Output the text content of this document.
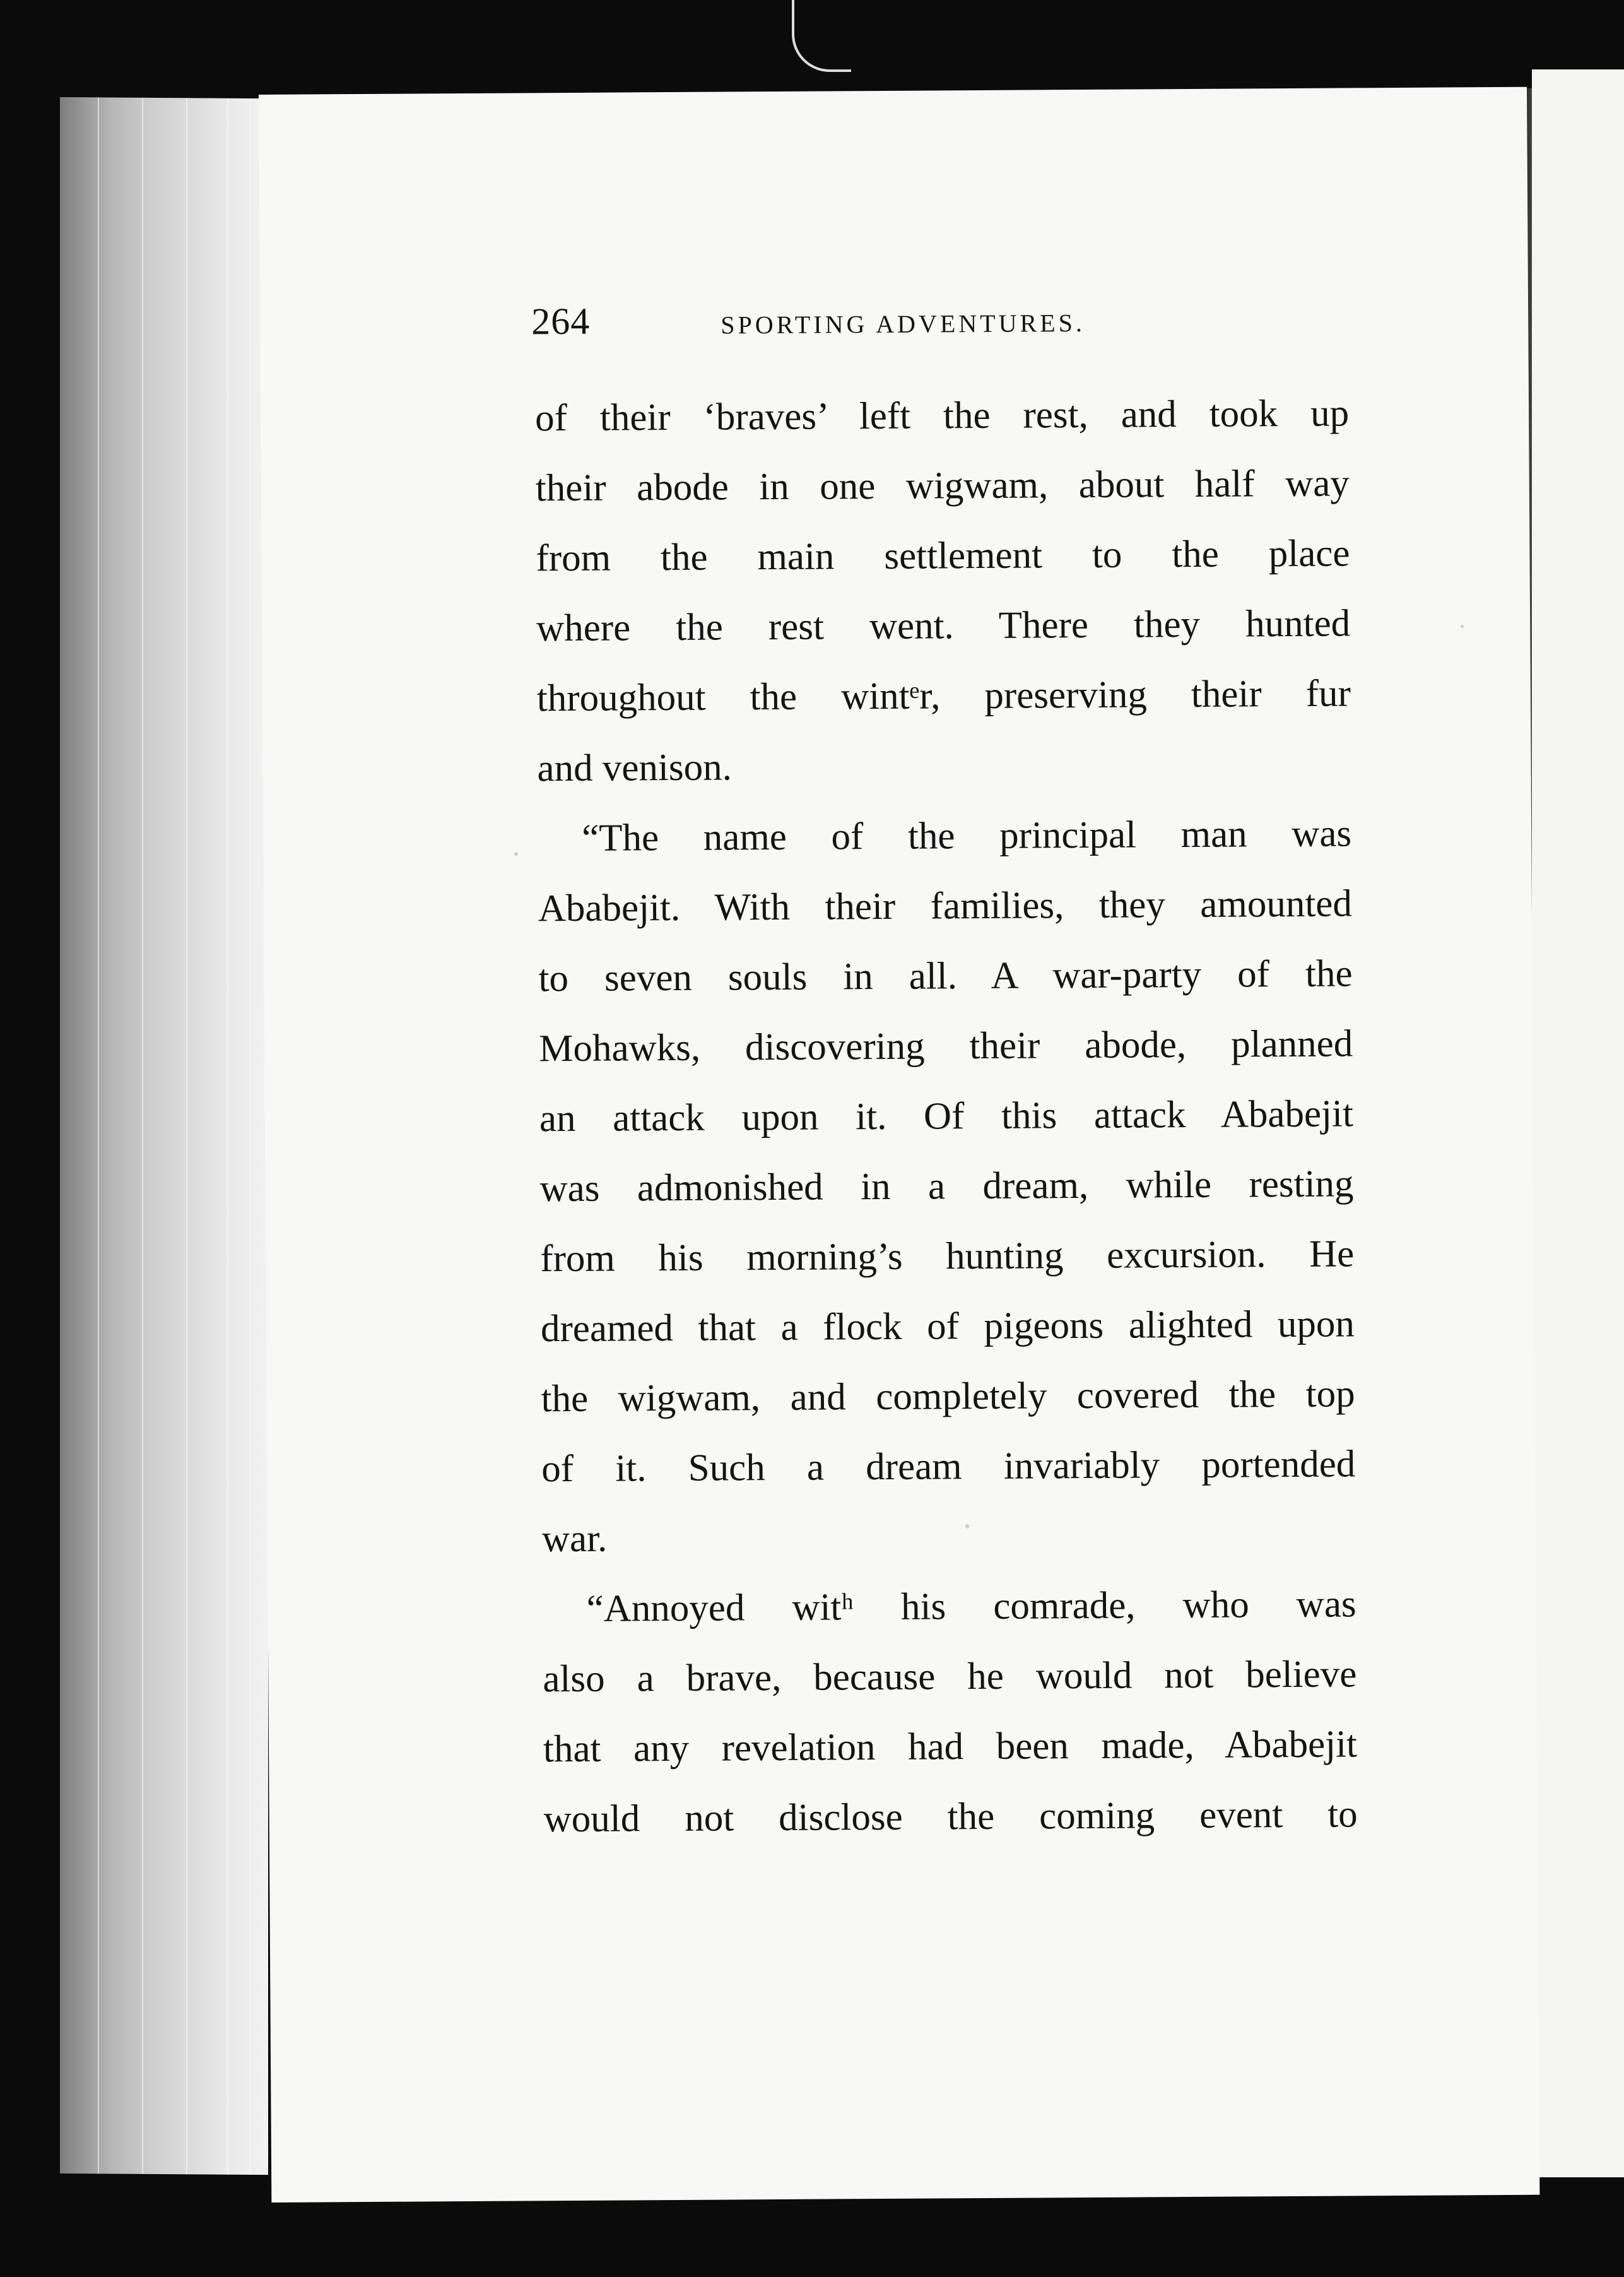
264	SPORTING ADVENTURES.
of their ‘braves’ left the rest, and took up
their abode in one wigwam, about half way
from the main settlement to the place
where the rest went. There they hunted
throughout the wintᵉr, preserving their fur
and venison.
“The name of the principal man was
Ababejit. With their families, they amounted
to seven souls in all. A war-party of the
Mohawks, discovering their abode, planned
an attack upon it. Of this attack Ababejit
was admonished in a dream, while resting
from his morning’s hunting excursion. He
dreamed that a flock of pigeons alighted upon
the wigwam, and completely covered the top
of it. Such a dream invariably portended
war.
“Annoyed witʰ his comrade, who was
also a brave, because he would not believe
that any revelation had been made, Ababejit
would not disclose the coming event to
